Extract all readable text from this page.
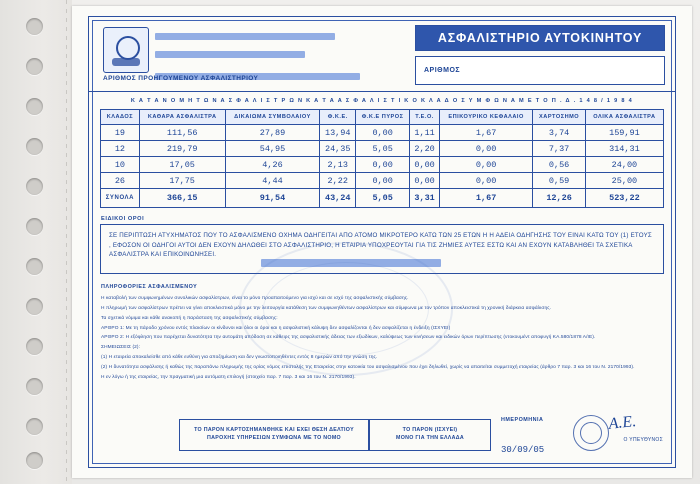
ΑΡΙΘΜΟΣ ΠΡΟΗΓΟΥΜΕΝΟΥ ΑΣΦΑΛΙΣΤΗΡΙΟΥ
ΑΣΦΑΛΙΣΤΗΡΙΟ ΑΥΤΟΚΙΝΗΤΟΥ
ΑΡΙΘΜΟΣ
Κ Α Τ Α Ν Ο Μ Η Τ Ω Ν Α Σ Φ Α Λ Ι Σ Τ Ρ Ω Ν Κ Α Τ Α Α Σ Φ Α Λ Ι Σ Τ Ι Κ Ο Κ Λ Α Δ Ο Σ Υ Μ Φ Ω Ν Α Μ Ε Τ Ο Π . Δ . 1 4 8 / 1 9 8 4
ΚΛΑΔΟΣ	ΚΑΘΑΡΑ ΑΣΦΑΛΙΣΤΡΑ	ΔΙΚΑΙΩΜΑ ΣΥΜΒΟΛΑΙΟΥ	Φ.Κ.Ε.	Φ.Κ.Ε ΠΥΡΟΣ	Τ.Ε.Ο.	ΕΠΙΚΟΥΡΙΚΟ ΚΕΦΑΛΑΙΟ	ΧΑΡΤΟΣΗΜΟ	ΟΛΙΚΑ ΑΣΦΑΛΙΣΤΡΑ
19	111,56	27,89	13,94	0,00	1,11	1,67	3,74	159,91
12	219,79	54,95	24,35	5,05	2,20	0,00	7,37	314,31
10	17,05	4,26	2,13	0,00	0,00	0,00	0,56	24,00
26	17,75	4,44	2,22	0,00	0,00	0,00	0,59	25,00
ΣΥΝΟΛΑ	366,15	91,54	43,24	5,05	3,31	1,67	12,26	523,22
ΕΙΔΙΚΟΙ ΟΡΟΙ
ΣΕ ΠΕΡΙΠΤΩΣΗ ΑΤΥΧΗΜΑΤΟΣ ΠΟΥ ΤΟ ΑΣΦΑΛΙΣΜΕΝΟ ΟΧΗΜΑ ΟΔΗΓΕΙΤΑΙ ΑΠΟ ΑΤΟΜΟ ΜΙΚΡΟΤΕΡΟ ΚΑΤΩ ΤΩΝ 25 ΕΤΩΝ Η Η ΑΔΕΙΑ ΟΔΗΓΗΣΗΣ ΤΟΥ ΕΙΝΑΙ ΚΑΤΩ ΤΟΥ (1) ΕΤΟΥΣ , ΕΦΟΣΟΝ ΟΙ ΟΔΗΓΟΙ ΑΥΤΟΙ ΔΕΝ ΕΧΟΥΝ ΔΗΛΩΘΕΙ ΣΤΟ ΑΣΦΑΛΙΣΤΗΡΙΟ, Η ΕΤΑΙΡΙΑ ΥΠΟΧΡΕΟΥΤΑΙ ΓΙΑ ΤΙΣ ΖΗΜΙΕΣ ΑΥΤΕΣ ΕΣΤΩ ΚΑΙ ΑΝ ΕΧΟΥΝ ΚΑΤΑΒΛΗΘΕΙ ΤΑ ΣΧΕΤΙΚΑ ΑΣΦΑΛΙΣΤΡΑ ΚΑΙ ΕΠΙΚΟΙΝΩΝΗΣΕΙ.
ΠΛΗΡΟΦΟΡΙΕΣ ΑΣΦΑΛΙΣΜΕΝΟΥ

Η καταβολή των συμφωνημένων συνολικών ασφαλίστρων, είναι το μόνο προαπαιτούμενο για ισχύ και σε ισχύ της ασφαλιστικής σύμβασης.

Η πληρωμή των ασφαλίστρων πρέπει να γίνει αποκλειστικά μόνο με την λειτουργία κατάθεση των συμφωνηθέντων ασφαλίστρων και σύμφωνα με τον τρόπον αποκλειστικά τη χρονική διάρκεια ασφάλισης.

Τα σχετικά νόμιμα και κάθε ανακοπή η παράσταση της ασφαλιστικής σύμβασης:

ΑΡΘΡΟ 1: Με τη πάροδο χρόνου εντός πλαισίων οι κίνδυνοι και όλοι οι όροι και η ασφαλιστική κάλυψη δεν ασφαλίζονται ή δεν ασφαλίζεται η ένδειξη (ΙΣΧΥΕΙ)

ΑΡΘΡΟ 2: Η εξόφληση που παρέχεται δυνατότητα την αυτομάτη απόδοση σε κάθειρς της ασφαλιστικής άδειας των εξωδίκων, καλύψεως των κινήσεων και ειδικών όρων περίπτωσης (ντοκουμέντ αποφυγή ΚΑ.580/1878 Α/ΙΕ).

ΣΗΜΕΙΩΣΕΙΣ (2):

(1) Η εταιρεία αποκαλείσθε από κάθε ευθύνη για αποζημίωση και δεν γνωστοποιηθέντες εντός 8 ημερών από την γνώση της.

(2) Η δυνατότητα ασφάλισης ή καθώς της παραπάνω πληρωμής της ορίας νόμος επιστολής της Εταιρείας στην κατοικία του ασφαλισμένου που έχει δηλωθεί, χωρίς να απαιτείται συμμετοχή εταιρείας (άρθρο 7 παρ. 3 και 16 του Ν. 2170/1993).

Η εν λόγω ή της εταιρείας, την πραγματική μια αυτόματη επιλογή (στοιχείο παρ. 7 παρ. 3 και 16 του Ν. 2170/1993).

ΤΟ ΠΑΡΟΝ ΚΑΡΤΟΣΗΜΑΝΘΗΚΕ ΚΑΙ ΕΧΕΙ ΘΕΣΗ ΔΕΛΤΙΟΥ
ΠΑΡΟΧΗΣ ΥΠΗΡΕΣΙΩΝ ΣΥΜΦΩΝΑ ΜΕ ΤΟ ΝΟΜΟ
ΤΟ ΠΑΡΟΝ (ΙΣΧΥΕΙ)
ΜΟΝΟ ΓΙΑ ΤΗΝ ΕΛΛΑΔΑ
ΗΜΕΡΟΜΗΝΙΑ
30/09/05
Α.Ε.
Ο ΥΠΕΥΘΥΝΟΣ
